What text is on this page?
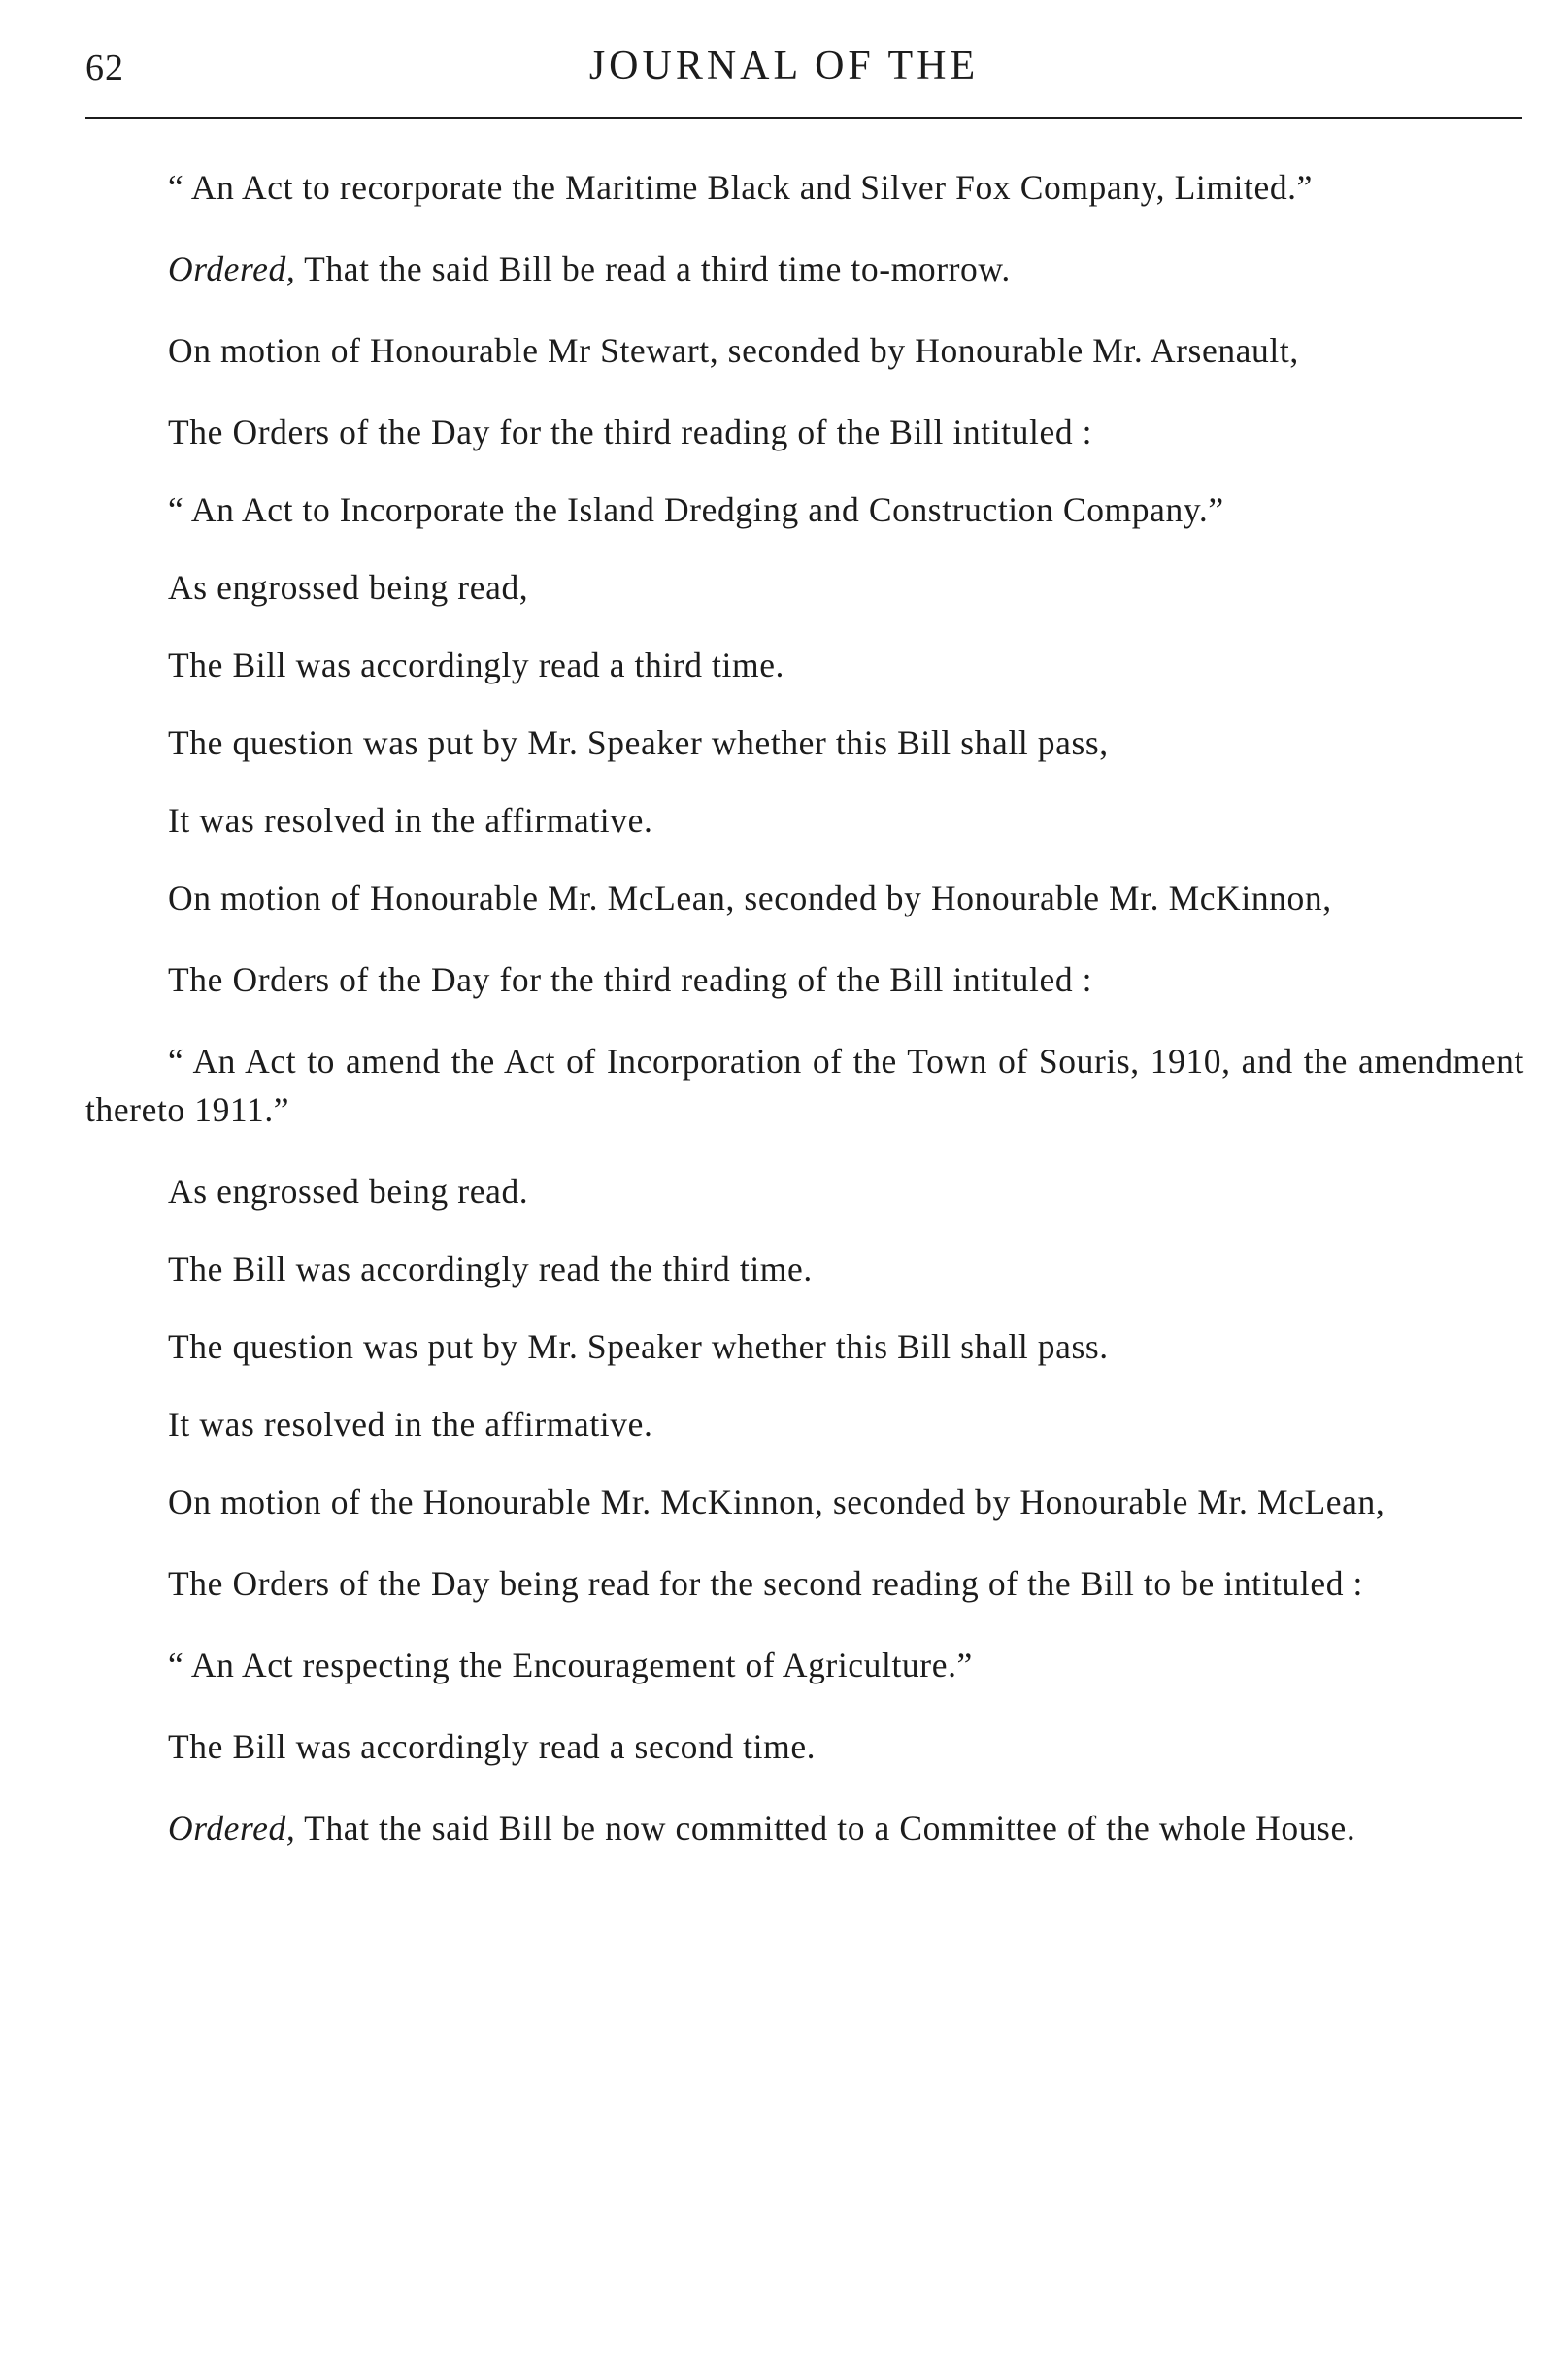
62	JOURNAL OF THE

“ An Act to recorporate the Maritime Black and Silver Fox Company, Limited.”

Ordered, That the said Bill be read a third time to-morrow.

On motion of Honourable Mr Stewart, seconded by Honourable Mr. Arsenault,

The Orders of the Day for the third reading of the Bill intituled :

“ An Act to Incorporate the Island Dredging and Construction Company.”

As engrossed being read,

The Bill was accordingly read a third time.

The question was put by Mr. Speaker whether this Bill shall pass,

It was resolved in the affirmative.

On motion of Honourable Mr. McLean, seconded by Honourable Mr. McKinnon,

The Orders of the Day for the third reading of the Bill intituled :

“ An Act to amend the Act of Incorporation of the Town of Souris, 1910, and the amendment thereto 1911.”

As engrossed being read.

The Bill was accordingly read the third time.

The question was put by Mr. Speaker whether this Bill shall pass.

It was resolved in the affirmative.

On motion of the Honourable Mr. McKinnon, seconded by Honourable Mr. McLean,

The Orders of the Day being read for the second reading of the Bill to be intituled :

“ An Act respecting the Encouragement of Agriculture.”

The Bill was accordingly read a second time.

Ordered, That the said Bill be now committed to a Committee of the whole House.
